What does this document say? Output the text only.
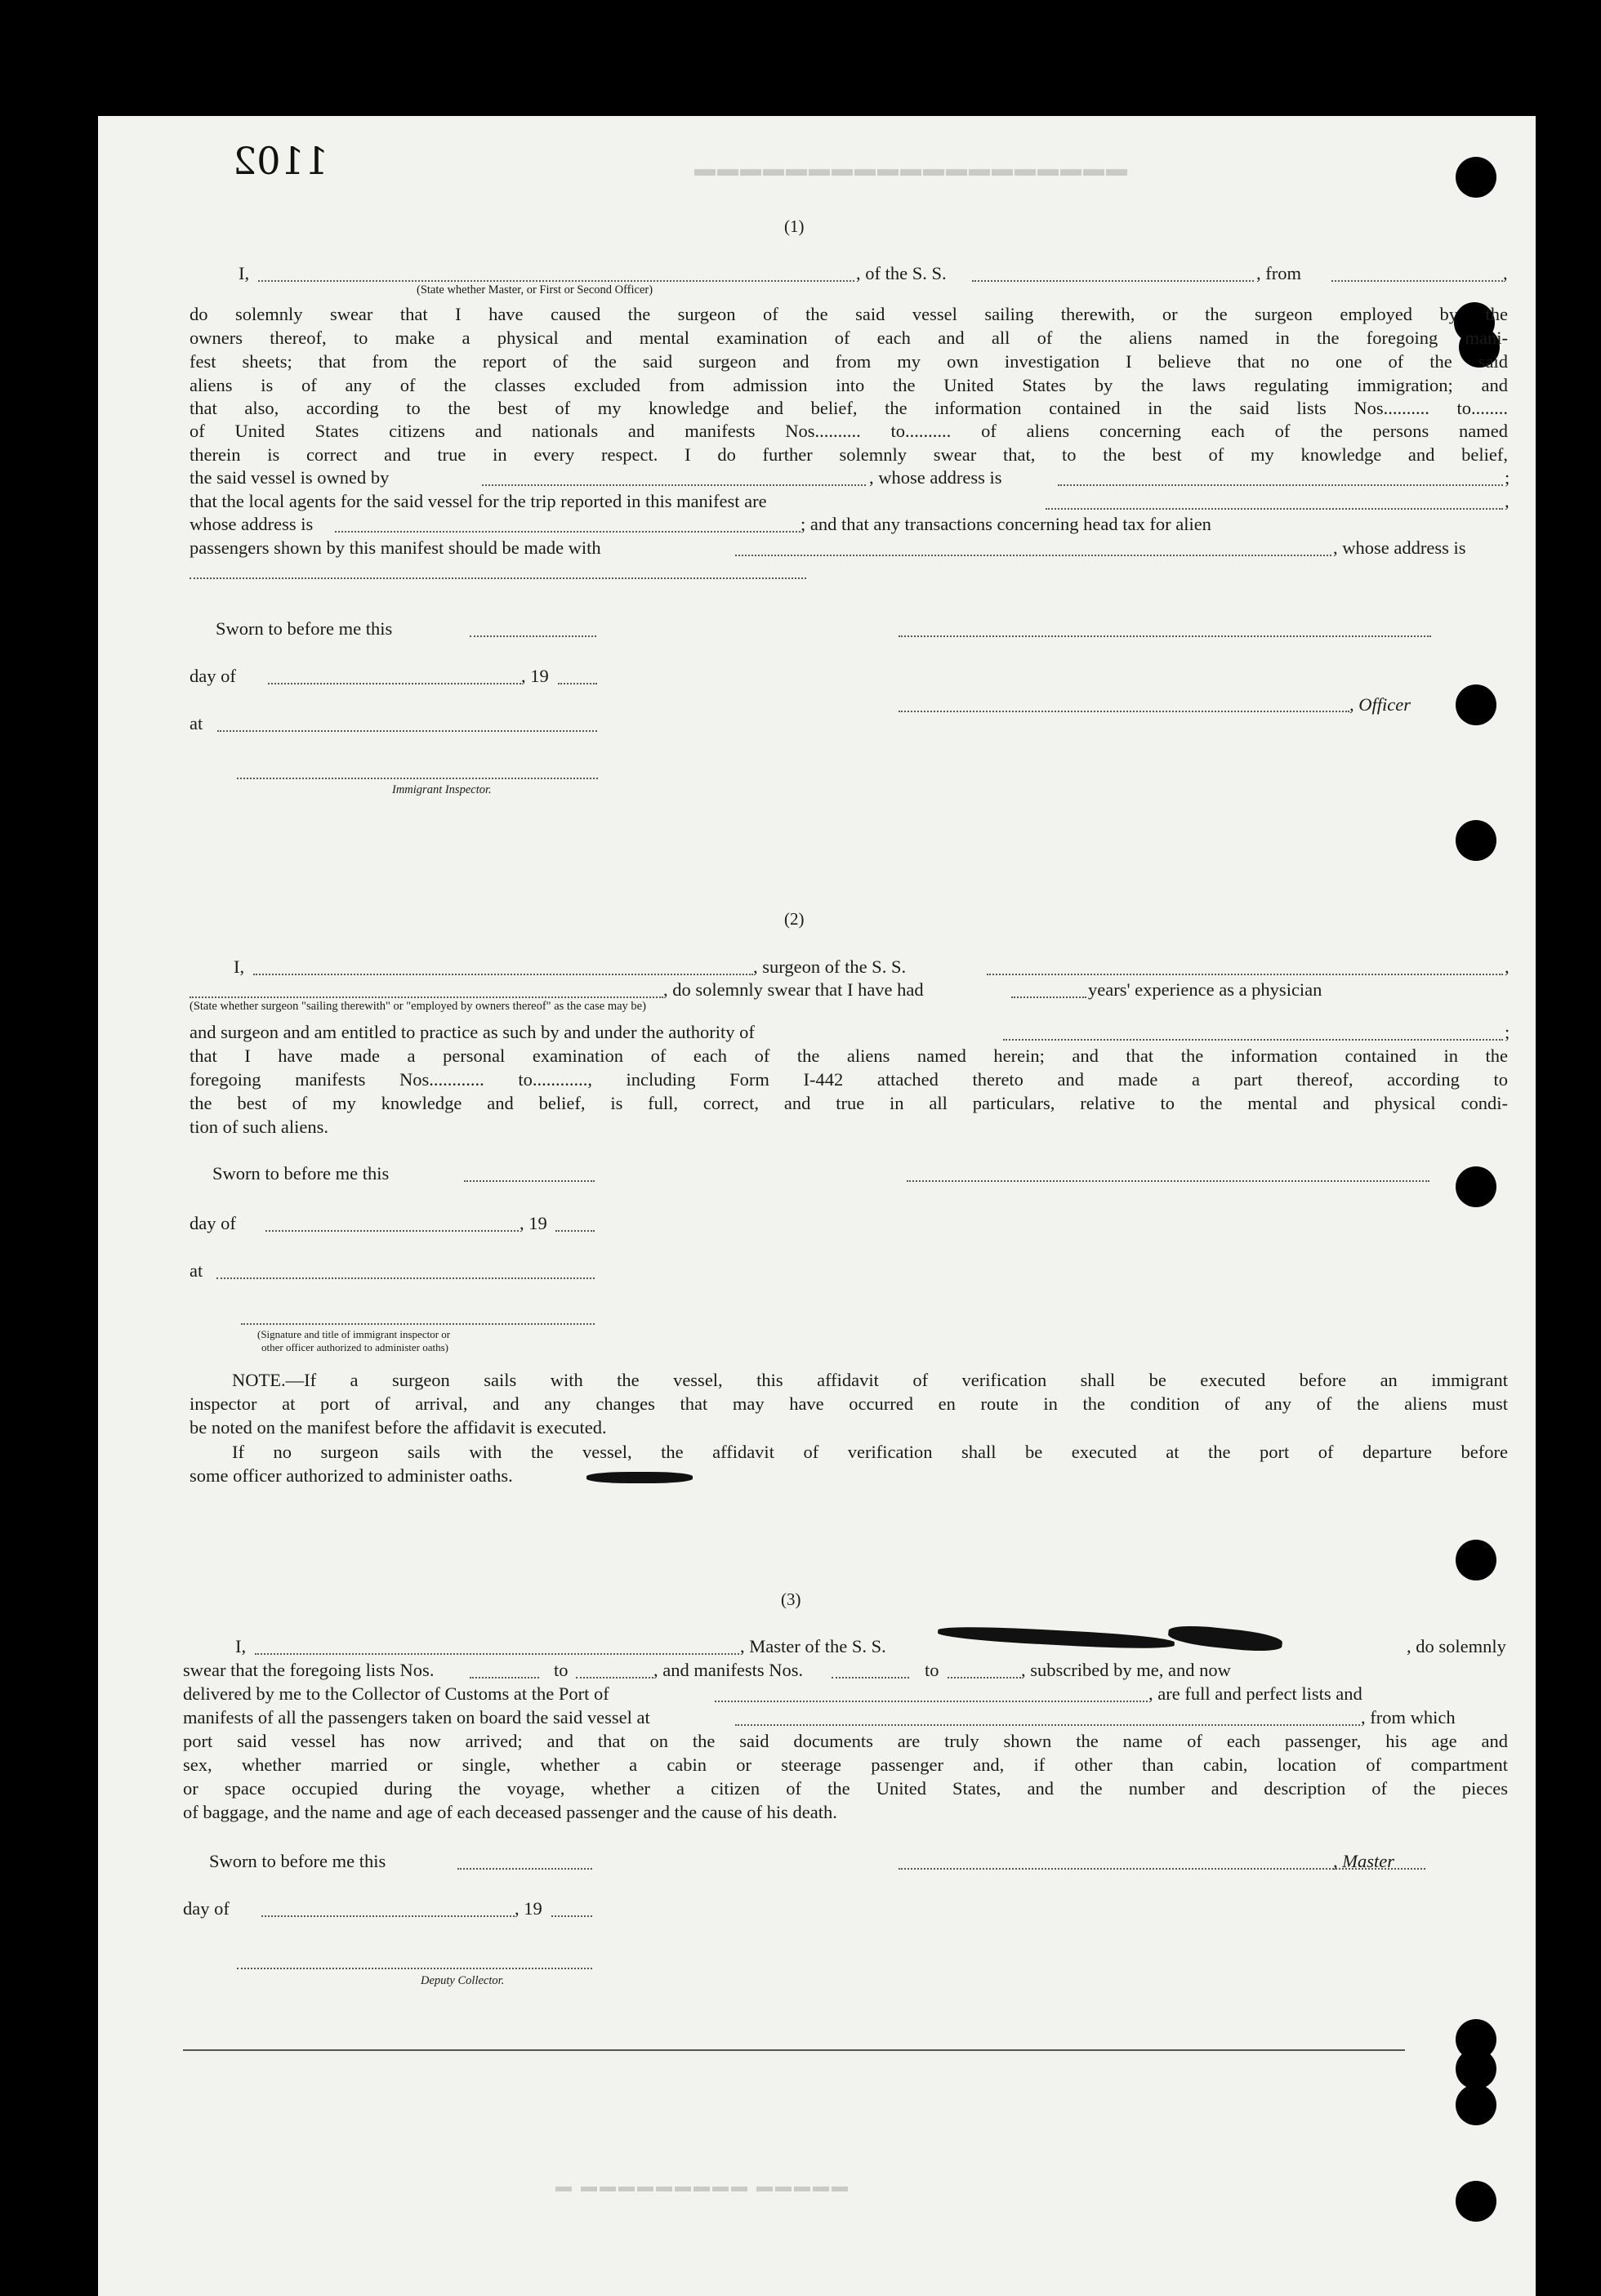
▬▬▬▬▬▬▬▬▬▬▬▬▬▬▬▬▬▬▬
1102
(1)
I,	, of the S. S.	, from	,
(State whether Master, or First or Second Officer)
do solemnly swear that I have caused the surgeon of the said vessel sailing therewith, or the surgeon employed by the
owners thereof, to make a physical and mental examination of each and all of the aliens named in the foregoing mani-
fest sheets; that from the report of the said surgeon and from my own investigation I believe that no one of the said
aliens is of any of the classes excluded from admission into the United States by the laws regulating immigration; and
that also, according to the best of my knowledge and belief, the information contained in the said lists Nos.......... to........
of United States citizens and nationals and manifests Nos.......... to.......... of aliens concerning each of the persons named
therein is correct and true in every respect. I do further solemnly swear that, to the best of my knowledge and belief,
the said vessel is owned by	, whose address is	;
that the local agents for the said vessel for the trip reported in this manifest are	,
whose address is	; and that any transactions concerning head tax for alien
passengers shown by this manifest should be made with	, whose address is
Sworn to before me this
day of	, 19
, Officer
at
Immigrant Inspector.
(2)
I,	, surgeon of the S. S.	,
, do solemnly swear that I have had	years' experience as a physician
(State whether surgeon "sailing therewith" or "employed by owners thereof" as the case may be)
and surgeon and am entitled to practice as such by and under the authority of	;
that I have made a personal examination of each of the aliens named herein; and that the information contained in the
foregoing manifests Nos............ to............, including Form I-442 attached thereto and made a part thereof, according to
the best of my knowledge and belief, is full, correct, and true in all particulars, relative to the mental and physical condi-
tion of such aliens.
Sworn to before me this
day of	, 19
at
(Signature and title of immigrant inspector or
other officer authorized to administer oaths)
NOTE.—If a surgeon sails with the vessel, this affidavit of verification shall be executed before an immigrant
inspector at port of arrival, and any changes that may have occurred en route in the condition of any of the aliens must
be noted on the manifest before the affidavit is executed.
If no surgeon sails with the vessel, the affidavit of verification shall be executed at the port of departure before
some officer authorized to administer oaths.
(3)
I,	, Master of the S. S.	, do solemnly
swear that the foregoing lists Nos.	to	, and manifests Nos.	to	, subscribed by me, and now
delivered by me to the Collector of Customs at the Port of	, are full and perfect lists and
manifests of all the passengers taken on board the said vessel at	, from which
port said vessel has now arrived; and that on the said documents are truly shown the name of each passenger, his age and
sex, whether married or single, whether a cabin or steerage passenger and, if other than cabin, location of compartment
or space occupied during the voyage, whether a citizen of the United States, and the number and description of the pieces
of baggage, and the name and age of each deceased passenger and the cause of his death.
Sworn to before me this	, Master
day of	, 19
Deputy Collector.
▬ ▬▬▬▬▬▬▬▬▬ ▬▬▬▬▬
